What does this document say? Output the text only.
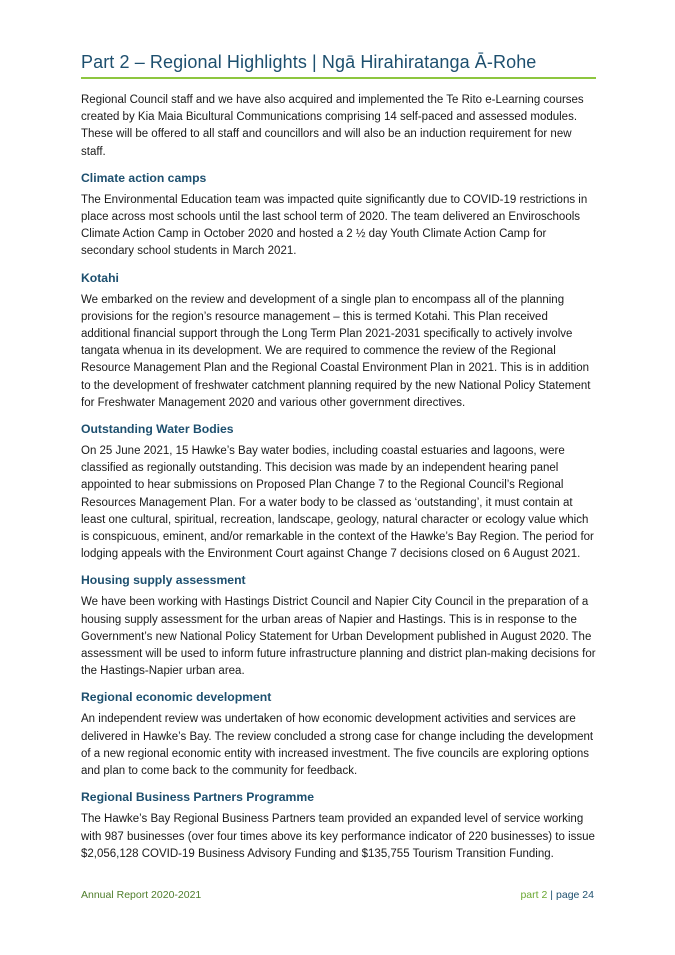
Part 2 – Regional Highlights | Ngā Hirahiratanga Ā-Rohe

Regional Council staff and we have also acquired and implemented the Te Rito e-Learning courses created by Kia Maia Bicultural Communications comprising 14 self-paced and assessed modules. These will be offered to all staff and councillors and will also be an induction requirement for new staff.

Climate action camps

The Environmental Education team was impacted quite significantly due to COVID-19 restrictions in place across most schools until the last school term of 2020. The team delivered an Enviroschools Climate Action Camp in October 2020 and hosted a 2 ½ day Youth Climate Action Camp for secondary school students in March 2021.

Kotahi

We embarked on the review and development of a single plan to encompass all of the planning provisions for the region’s resource management – this is termed Kotahi. This Plan received additional financial support through the Long Term Plan 2021-2031 specifically to actively involve tangata whenua in its development. We are required to commence the review of the Regional Resource Management Plan and the Regional Coastal Environment Plan in 2021. This is in addition to the development of freshwater catchment planning required by the new National Policy Statement for Freshwater Management 2020 and various other government directives.

Outstanding Water Bodies

On 25 June 2021, 15 Hawke’s Bay water bodies, including coastal estuaries and lagoons, were classified as regionally outstanding. This decision was made by an independent hearing panel appointed to hear submissions on Proposed Plan Change 7 to the Regional Council’s Regional Resources Management Plan. For a water body to be classed as ‘outstanding’, it must contain at least one cultural, spiritual, recreation, landscape, geology, natural character or ecology value which is conspicuous, eminent, and/or remarkable in the context of the Hawke’s Bay Region. The period for lodging appeals with the Environment Court against Change 7 decisions closed on 6 August 2021.

Housing supply assessment

We have been working with Hastings District Council and Napier City Council in the preparation of a housing supply assessment for the urban areas of Napier and Hastings. This is in response to the Government’s new National Policy Statement for Urban Development published in August 2020. The assessment will be used to inform future infrastructure planning and district plan-making decisions for the Hastings-Napier urban area.

Regional economic development

An independent review was undertaken of how economic development activities and services are delivered in Hawke’s Bay. The review concluded a strong case for change including the development of a new regional economic entity with increased investment. The five councils are exploring options and plan to come back to the community for feedback.

Regional Business Partners Programme

The Hawke’s Bay Regional Business Partners team provided an expanded level of service working with 987 businesses (over four times above its key performance indicator of 220 businesses) to issue $2,056,128 COVID-19 Business Advisory Funding and $135,755 Tourism Transition Funding.

Annual Report 2020-2021	part 2 | page 24
